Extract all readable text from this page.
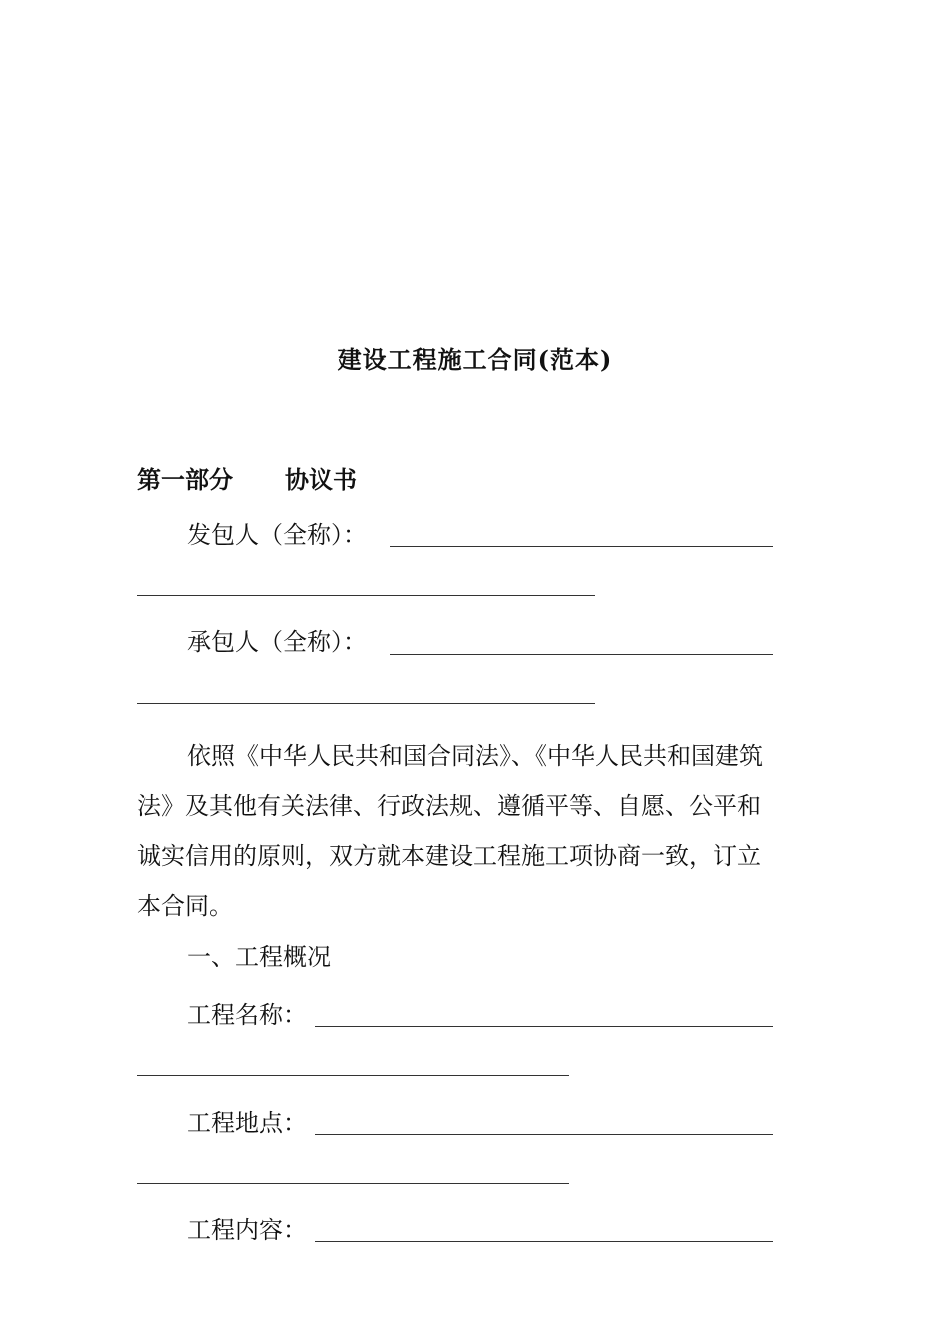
建设工程施工合同(范本)
第一部分 协议书
发包人（全称）：
承包人（全称）：
依照《中华人民共和国合同法》、《中华人民共和国建筑法》及其他有关法律、行政法规、遵循平等、自愿、公平和诚实信用的原则，双方就本建设工程施工项协商一致，订立本合同。
一、工程概况
工程名称：
工程地点：
工程内容：
